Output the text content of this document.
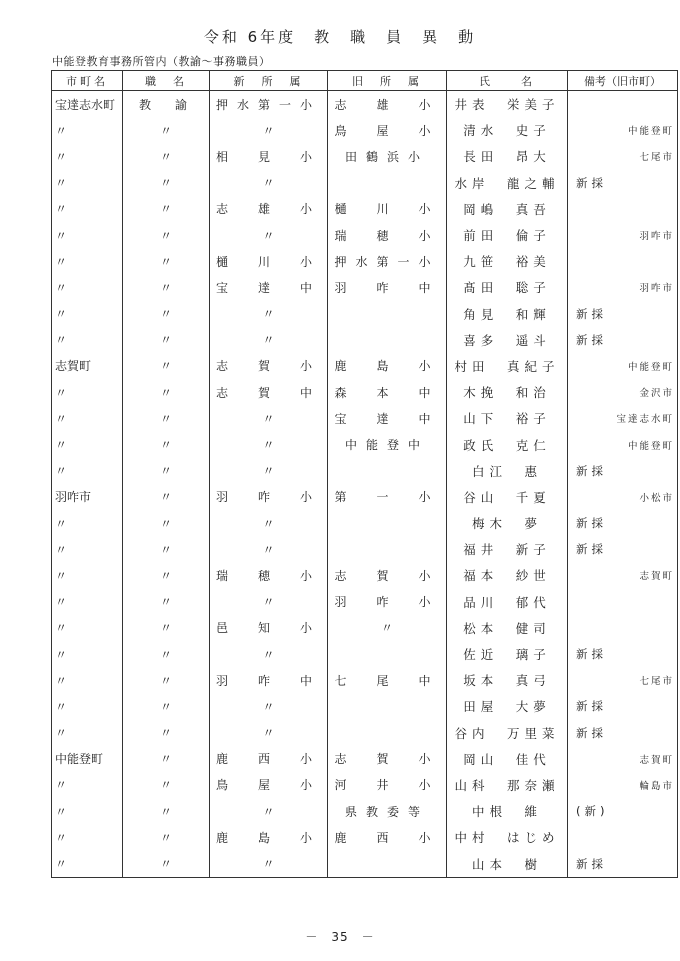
令和 6年度　教　職　員　異　動
中能登教育事務所管内（教諭～事務職員）
市町名	職　名	新　所　属	旧　所　属	氏　　名	備考（旧市町）
宝達志水町	教　諭	押水第一小	志　雄　小	井表　栄美子	

〃	〃	〃	鳥　屋　小	清水　史子	中能登町

〃	〃	相　見　小	田鶴浜小	長田　昂大	七尾市

〃	〃	〃		水岸　龍之輔	新採

〃	〃	志　雄　小	樋　川　小	岡嶋　真吾	

〃	〃	〃	瑞　穂　小	前田　倫子	羽咋市

〃	〃	樋　川　小	押水第一小	九笹　裕美	

〃	〃	宝　達　中	羽　咋　中	髙田　聡子	羽咋市

〃	〃	〃		角見　和輝	新採

〃	〃	〃		喜多　遥斗	新採

志賀町	〃	志　賀　小	鹿　島　小	村田　真紀子	中能登町

〃	〃	志　賀　中	森　本　中	木挽　和治	金沢市

〃	〃	〃	宝　達　中	山下　裕子	宝達志水町

〃	〃	〃	中能登中	政氏　克仁	中能登町

〃	〃	〃		白江　惠	新採

羽咋市	〃	羽　咋　小	第　一　小	谷山　千夏	小松市

〃	〃	〃		梅木　夢	新採

〃	〃	〃		福井　新子	新採

〃	〃	瑞　穂　小	志　賀　小	福本　紗世	志賀町

〃	〃	〃	羽　咋　小	品川　郁代	

〃	〃	邑　知　小	〃	松本　健司	

〃	〃	〃		佐近　璃子	新採

〃	〃	羽　咋　中	七　尾　中	坂本　真弓	七尾市

〃	〃	〃		田屋　大夢	新採

〃	〃	〃		谷内　万里菜	新採

中能登町	〃	鹿　西　小	志　賀　小	岡山　佳代	志賀町

〃	〃	鳥　屋　小	河　井　小	山科　那奈瀬	輪島市

〃	〃	〃	県教委等	中根　維	(新)

〃	〃	鹿　島　小	鹿　西　小	中村　はじめ	

〃	〃	〃		山本　樹	新採
－　35　－
